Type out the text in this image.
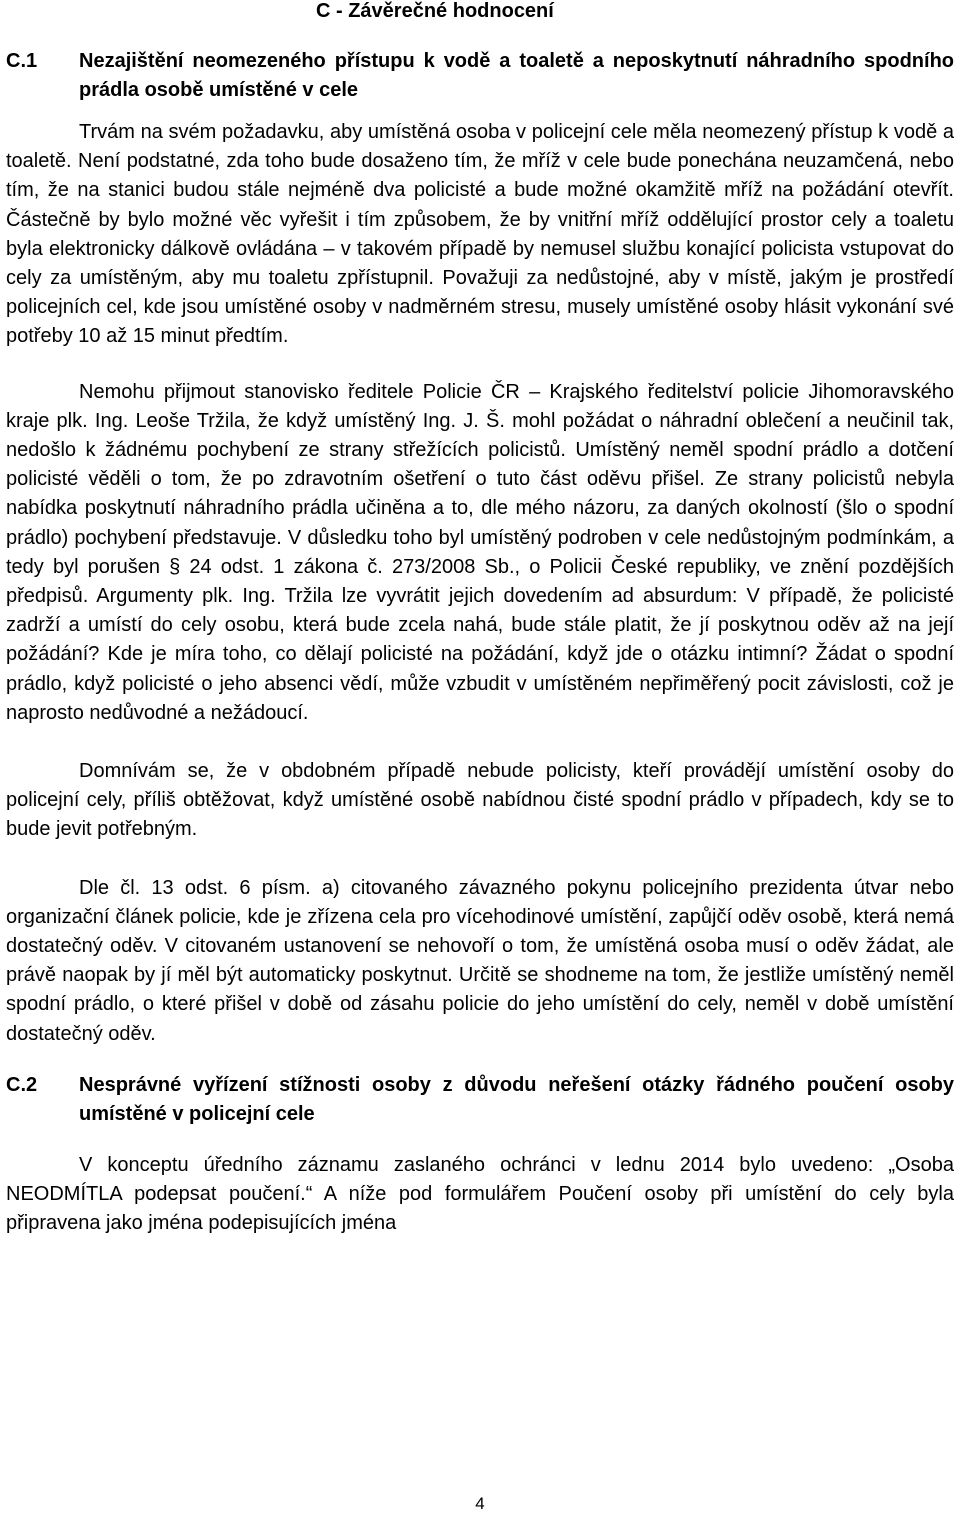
C - Závěrečné hodnocení
C.1	Nezajištění neomezeného přístupu k vodě a toaletě a neposkytnutí náhradního spodního prádla osobě umístěné v cele

Trvám na svém požadavku, aby umístěná osoba v policejní cele měla neomezený přístup k vodě a toaletě. Není podstatné, zda toho bude dosaženo tím, že mříž v cele bude ponechána neuzamčená, nebo tím, že na stanici budou stále nejméně dva policisté a bude možné okamžitě mříž na požádání otevřít. Částečně by bylo možné věc vyřešit i tím způsobem, že by vnitřní mříž oddělující prostor cely a toaletu byla elektronicky dálkově ovládána – v takovém případě by nemusel službu konající policista vstupovat do cely za umístěným, aby mu toaletu zpřístupnil. Považuji za nedůstojné, aby v místě, jakým je prostředí policejních cel, kde jsou umístěné osoby v nadměrném stresu, musely umístěné osoby hlásit vykonání své potřeby 10 až 15 minut předtím.

Nemohu přijmout stanovisko ředitele Policie ČR – Krajského ředitelství policie Jihomoravského kraje plk. Ing. Leoše Tržila, že když umístěný Ing. J. Š. mohl požádat o náhradní oblečení a neučinil tak, nedošlo k žádnému pochybení ze strany střežících policistů. Umístěný neměl spodní prádlo a dotčení policisté věděli o tom, že po zdravotním ošetření o tuto část oděvu přišel. Ze strany policistů nebyla nabídka poskytnutí náhradního prádla učiněna a to, dle mého názoru, za daných okolností (šlo o spodní prádlo) pochybení představuje. V důsledku toho byl umístěný podroben v cele nedůstojným podmínkám, a tedy byl porušen § 24 odst. 1 zákona č. 273/2008 Sb., o Policii České republiky, ve znění pozdějších předpisů. Argumenty plk. Ing. Tržila lze vyvrátit jejich dovedením ad absurdum: V případě, že policisté zadrží a umístí do cely osobu, která bude zcela nahá, bude stále platit, že jí poskytnou oděv až na její požádání? Kde je míra toho, co dělají policisté na požádání, když jde o otázku intimní? Žádat o spodní prádlo, když policisté o jeho absenci vědí, může vzbudit v umístěném nepřiměřený pocit závislosti, což je naprosto nedůvodné a nežádoucí.

Domnívám se, že v obdobném případě nebude policisty, kteří provádějí umístění osoby do policejní cely, příliš obtěžovat, když umístěné osobě nabídnou čisté spodní prádlo v případech, kdy se to bude jevit potřebným.

Dle čl. 13 odst. 6 písm. a) citovaného závazného pokynu policejního prezidenta útvar nebo organizační článek policie, kde je zřízena cela pro vícehodinové umístění, zapůjčí oděv osobě, která nemá dostatečný oděv. V citovaném ustanovení se nehovoří o tom, že umístěná osoba musí o oděv žádat, ale právě naopak by jí měl být automaticky poskytnut. Určitě se shodneme na tom, že jestliže umístěný neměl spodní prádlo, o které přišel v době od zásahu policie do jeho umístění do cely, neměl v době umístění dostatečný oděv.

C.2	Nesprávné vyřízení stížnosti osoby z důvodu neřešení otázky řádného poučení osoby umístěné v policejní cele

V konceptu úředního záznamu zaslaného ochránci v lednu 2014 bylo uvedeno: „Osoba NEODMÍTLA podepsat poučení.“ A níže pod formulářem Poučení osoby při umístění do cely byla připravena jako jména podepisujících jména

4
